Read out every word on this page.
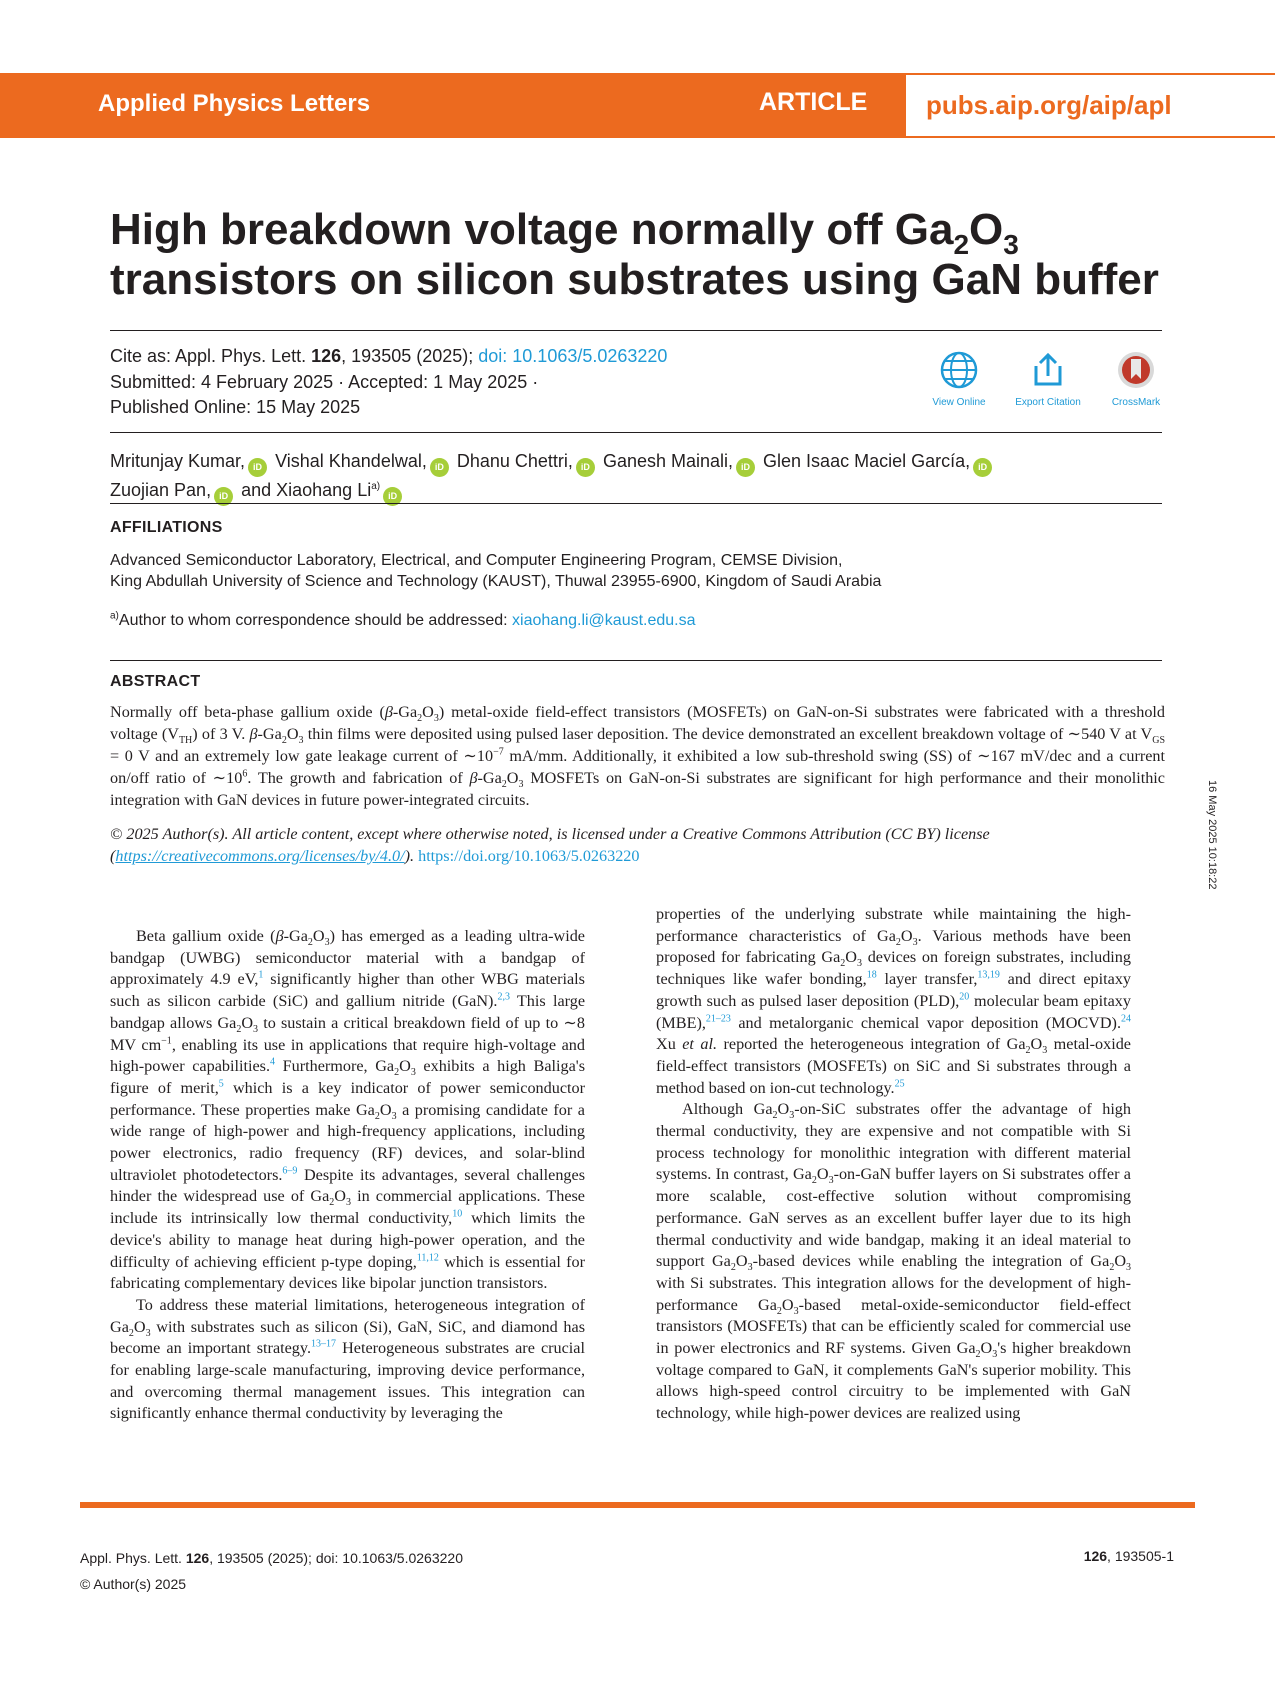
Applied Physics Letters	ARTICLE pubs.aip.org/aip/apl
High breakdown voltage normally off $Ga_2O_3$
transistors on silicon substrates using GaN buffer
Cite as: Appl. Phys. Lett. 126, 193505 (2025); doi: 10.1063/5.0263220
Submitted: 4 February 2025 · Accepted: 1 May 2025 ·
Published Online: 15 May 2025	View Online	Export Citation	CrossMark
Mritunjay Kumar, iD Vishal Khandelwal, iD Dhanu Chettri, iD Ganesh Mainali, iD Glen Isaac Maciel García, iD
Zuojian Pan, iD and Xiaohang Li$^{a)}$iD
AFFILIATIONS
Advanced Semiconductor Laboratory, Electrical, and Computer Engineering Program, CEMSE Division,
King Abdullah University of Science and Technology (KAUST), Thuwal 23955-6900, Kingdom of Saudi Arabia
$^{a)}$Author to whom correspondence should be addressed: xiaohang.li@kaust.edu.sa
ABSTRACT
Normally off beta-phase gallium oxide $(\beta-Ga_2O_3)$ metal-oxide field-effect transistors (MOSFETs) on GaN-on-Si substrates were fabricated with a threshold voltage $(V_{TH})$ of 3 V. $\beta-Ga_2O_3$ thin films were deposited using pulsed laser deposition. The device demonstrated an excellent breakdown voltage of ∼540 V at $V_{GS} = 0$ V and an extremely low gate leakage current of $\sim 10^{-7}$ mA/mm. Additionally, it exhibited a low sub-threshold swing (SS) of ∼167 mV/dec and a current on/off ratio of $\sim 10^6$. The growth and fabrication of $\beta-Ga_2O_3$ MOSFETs on GaN-on-Si substrates are significant for high performance and their monolithic integration with GaN devices in future power-integrated circuits.
© 2025 Author(s). All article content, except where otherwise noted, is licensed under a Creative Commons Attribution (CC BY) license (https://creativecommons.org/licenses/by/4.0/). https://doi.org/10.1063/5.0263220	16 May 2025 10:18:22

Beta gallium oxide $(\beta-Ga_2O_3)$ has emerged as a leading ultra-wide bandgap (UWBG) semiconductor material with a bandgap of approximately 4.9 eV,$^1$ significantly higher than other WBG materials such as silicon carbide (SiC) and gallium nitride (GaN).$^{2,3}$ This large bandgap allows $Ga_2O_3$ to sustain a critical breakdown field of up to ∼8 MV $cm^{-1}$, enabling its use in applications that require high-voltage and high-power capabilities.$^4$ Furthermore, $Ga_2O_3$ exhibits a high Baliga's figure of merit,$^5$ which is a key indicator of power semiconductor performance. These properties make $Ga_2O_3$ a promising candidate for a wide range of high-power and high-frequency applications, including power electronics, radio frequency (RF) devices, and solar-blind ultraviolet photodetectors.$^{6-9}$ Despite its advantages, several challenges hinder the widespread use of $Ga_2O_3$ in commercial applications. These include its intrinsically low thermal conductivity,$^{10}$ which limits the device's ability to manage heat during high-power operation, and the difficulty of achieving efficient p-type doping,$^{11,12}$ which is essential for fabricating complementary devices like bipolar junction transistors.

To address these material limitations, heterogeneous integration of $Ga_2O_3$ with substrates such as silicon (Si), GaN, SiC, and diamond has become an important strategy.$^{13-17}$ Heterogeneous substrates are crucial for enabling large-scale manufacturing, improving device performance, and overcoming thermal management issues. This integration can significantly enhance thermal conductivity by leveraging the

properties of the underlying substrate while maintaining the high-performance characteristics of $Ga_2O_3$. Various methods have been proposed for fabricating $Ga_2O_3$ devices on foreign substrates, including techniques like wafer bonding,$^{18}$ layer transfer,$^{13,19}$ and direct epitaxy growth such as pulsed laser deposition (PLD),$^{20}$ molecular beam epitaxy (MBE),$^{21-23}$ and metalorganic chemical vapor deposition (MOCVD).$^{24}$ Xu et al. reported the heterogeneous integration of $Ga_2O_3$ metal-oxide field-effect transistors (MOSFETs) on SiC and Si substrates through a method based on ion-cut technology.$^{25}$

Although $Ga_2O_3-on$-SiC substrates offer the advantage of high thermal conductivity, they are expensive and not compatible with Si process technology for monolithic integration with different material systems. In contrast, $Ga_2O_3-on$-GaN buffer layers on Si substrates offer a more scalable, cost-effective solution without compromising performance. GaN serves as an excellent buffer layer due to its high thermal conductivity and wide bandgap, making it an ideal material to support $Ga_2O_3$-based devices while enabling the integration of $Ga_2O_3$ with Si substrates. This integration allows for the development of high-performance $Ga_2O_3$-based metal-oxide-semiconductor field-effect transistors (MOSFETs) that can be efficiently scaled for commercial use in power electronics and RF systems. Given $Ga_2O_3's$ higher breakdown voltage compared to GaN, it complements GaN's superior mobility. This allows high-speed control circuitry to be implemented with GaN technology, while high-power devices are realized using

Appl. Phys. Lett. 126, 193505 (2025); doi: 10.1063/5.0263220
© Author(s) 2025
126, 193505-1
